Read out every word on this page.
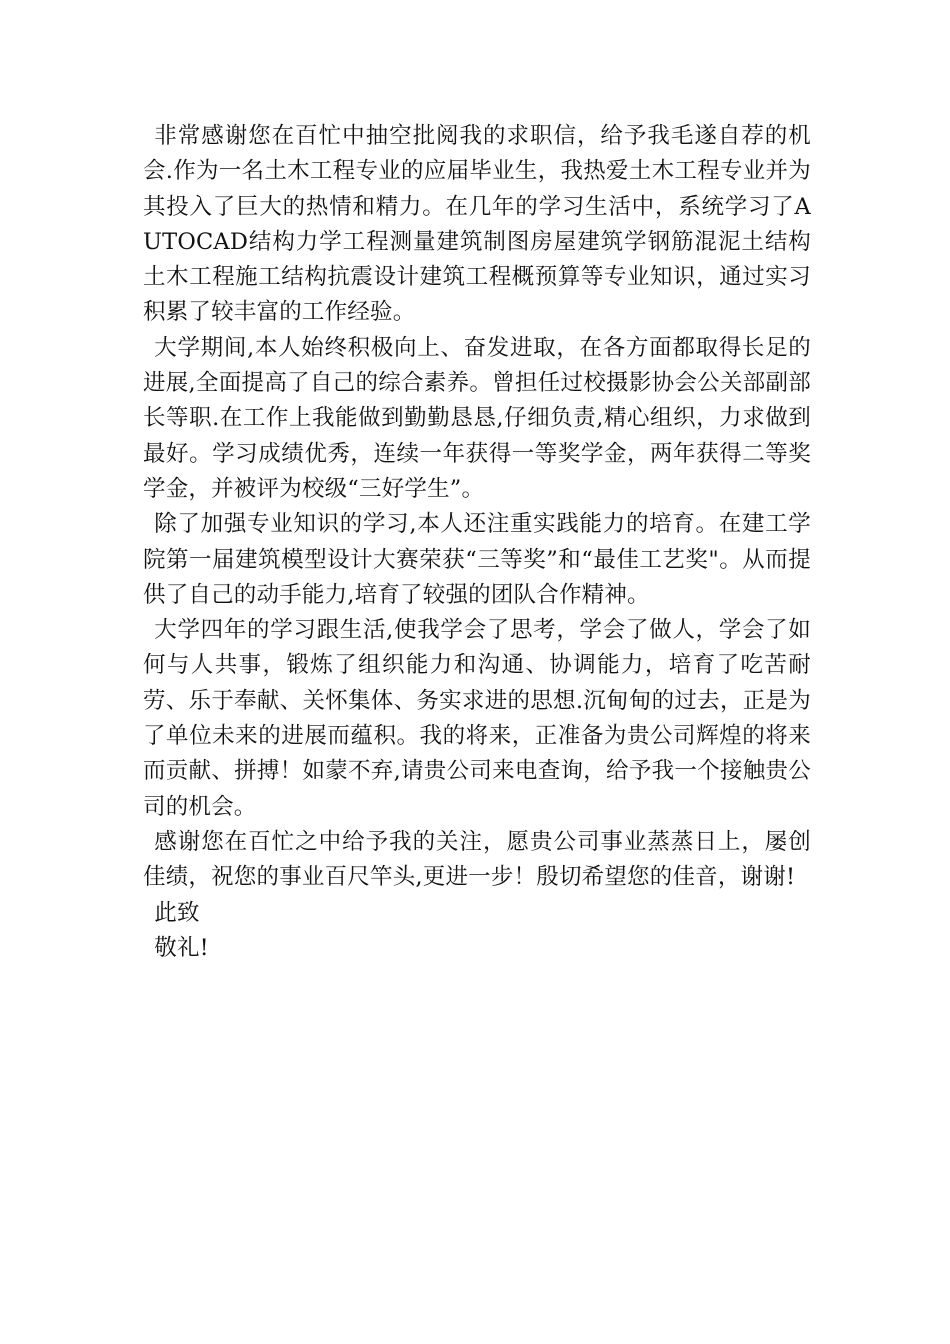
非常感谢您在百忙中抽空批阅我的求职信，给予我毛遂自荐的机会.作为一名土木工程专业的应届毕业生，我热爱土木工程专业并为其投入了巨大的热情和精力。在几年的学习生活中，系统学习了AUTOCAD结构力学工程测量建筑制图房屋建筑学钢筋混泥土结构土木工程施工结构抗震设计建筑工程概预算等专业知识，通过实习积累了较丰富的工作经验。

大学期间,本人始终积极向上、奋发进取，在各方面都取得长足的进展,全面提高了自己的综合素养。曾担任过校摄影协会公关部副部长等职.在工作上我能做到勤勤恳恳,仔细负责,精心组织，力求做到最好。学习成绩优秀，连续一年获得一等奖学金，两年获得二等奖学金，并被评为校级“三好学生”。

除了加强专业知识的学习,本人还注重实践能力的培育。在建工学院第一届建筑模型设计大赛荣获“三等奖”和“最佳工艺奖"。从而提供了自己的动手能力,培育了较强的团队合作精神。

大学四年的学习跟生活,使我学会了思考，学会了做人，学会了如何与人共事，锻炼了组织能力和沟通、协调能力，培育了吃苦耐劳、乐于奉献、关怀集体、务实求进的思想.沉甸甸的过去，正是为了单位未来的进展而蕴积。我的将来，正准备为贵公司辉煌的将来而贡献、拼搏！如蒙不弃,请贵公司来电查询，给予我一个接触贵公司的机会。

感谢您在百忙之中给予我的关注，愿贵公司事业蒸蒸日上，屡创佳绩，祝您的事业百尺竿头,更进一步！殷切希望您的佳音，谢谢!

此致

敬礼!
